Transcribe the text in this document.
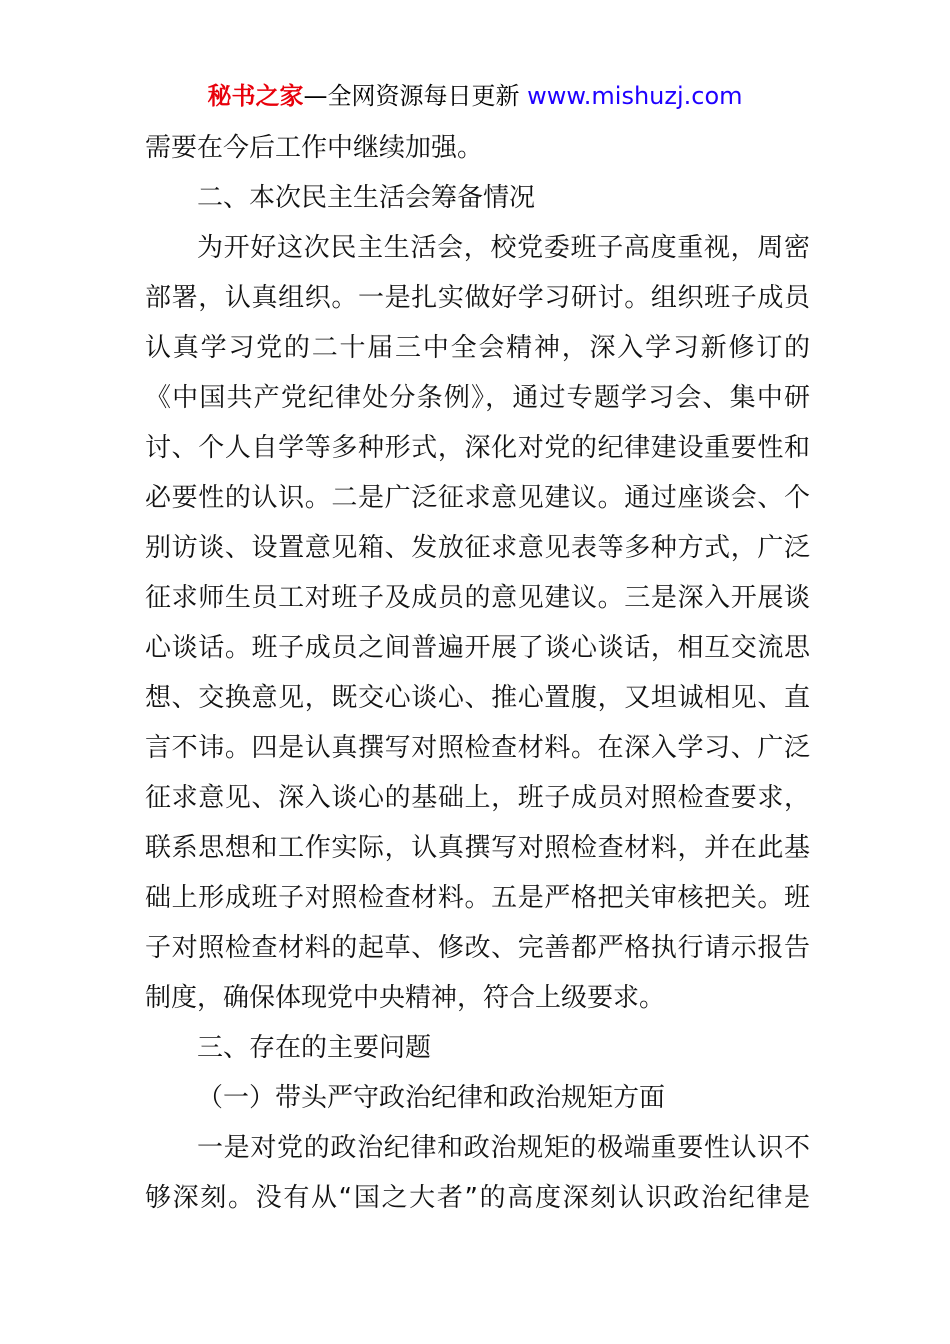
秘书之家—全网资源每日更新 www.mishuzj.com
需要在今后工作中继续加强。
二、本次民主生活会筹备情况
为开好这次民主生活会，校党委班子高度重视，周密
部署，认真组织。一是扎实做好学习研讨。组织班子成员
认真学习党的二十届三中全会精神，深入学习新修订的
《中国共产党纪律处分条例》，通过专题学习会、集中研
讨、个人自学等多种形式，深化对党的纪律建设重要性和
必要性的认识。二是广泛征求意见建议。通过座谈会、个
别访谈、设置意见箱、发放征求意见表等多种方式，广泛
征求师生员工对班子及成员的意见建议。三是深入开展谈
心谈话。班子成员之间普遍开展了谈心谈话，相互交流思
想、交换意见，既交心谈心、推心置腹，又坦诚相见、直
言不讳。四是认真撰写对照检查材料。在深入学习、广泛
征求意见、深入谈心的基础上，班子成员对照检查要求，
联系思想和工作实际，认真撰写对照检查材料，并在此基
础上形成班子对照检查材料。五是严格把关审核把关。班
子对照检查材料的起草、修改、完善都严格执行请示报告
制度，确保体现党中央精神，符合上级要求。
三、存在的主要问题
（一）带头严守政治纪律和政治规矩方面
一是对党的政治纪律和政治规矩的极端重要性认识不
够深刻。没有从“国之大者”的高度深刻认识政治纪律是
